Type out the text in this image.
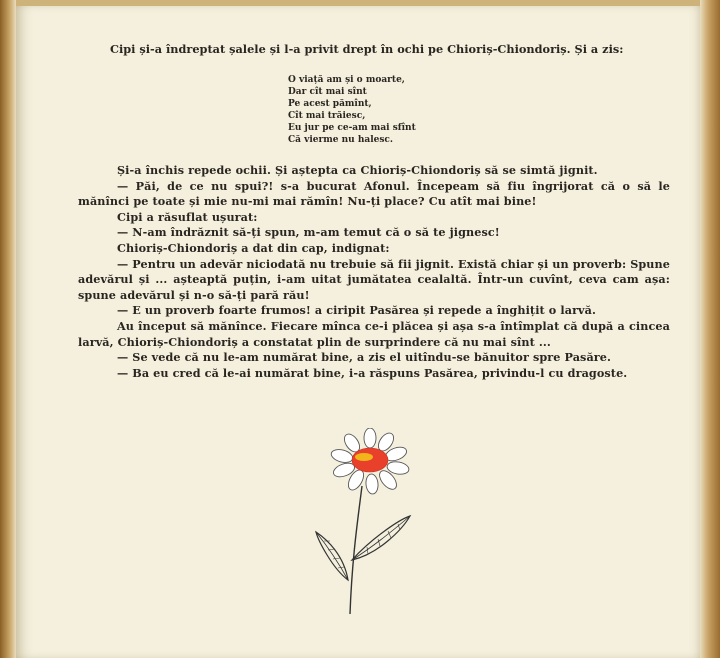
Cipi și-a îndreptat șalele și l-a privit drept în ochi pe Chioriș-Chiondoriș. Și a zis:
O viață am și o moarte,
Dar cît mai sînt
Pe acest pămînt,
Cît mai trăiesc,
Eu jur pe ce-am mai sfînt
Că vierme nu halesc.

Și-a închis repede ochii. Și aștepta ca Chioriș-Chiondoriș să se simtă jignit.

— Păi, de ce nu spui?! s-a bucurat Afonul. Începeam să fiu îngrijorat că o să le mănînci pe toate și mie nu-mi mai rămîn! Nu-ți place? Cu atît mai bine!

Cipi a răsuflat ușurat:

— N-am îndrăznit să-ți spun, m-am temut că o să te jignesc!

Chioriș-Chiondoriș a dat din cap, indignat:

— Pentru un adevăr niciodată nu trebuie să fii jignit. Există chiar și un proverb: Spune adevărul și ... așteaptă puțin, i-am uitat jumătatea cealaltă. Într-un cuvînt, ceva cam așa: spune adevărul și n-o să-ți pară rău!

— E un proverb foarte frumos! a ciripit Pasărea și repede a înghițit o larvă.

Au început să mănînce. Fiecare mînca ce-i plăcea și așa s-a întîmplat că după a cincea larvă, Chioriș-Chiondoriș a constatat plin de surprindere că nu mai sînt ...

— Se vede că nu le-am numărat bine, a zis el uitîndu-se bănuitor spre Pasăre.

— Ba eu cred că le-ai numărat bine, i-a răspuns Pasărea, privindu-l cu dragoste.
